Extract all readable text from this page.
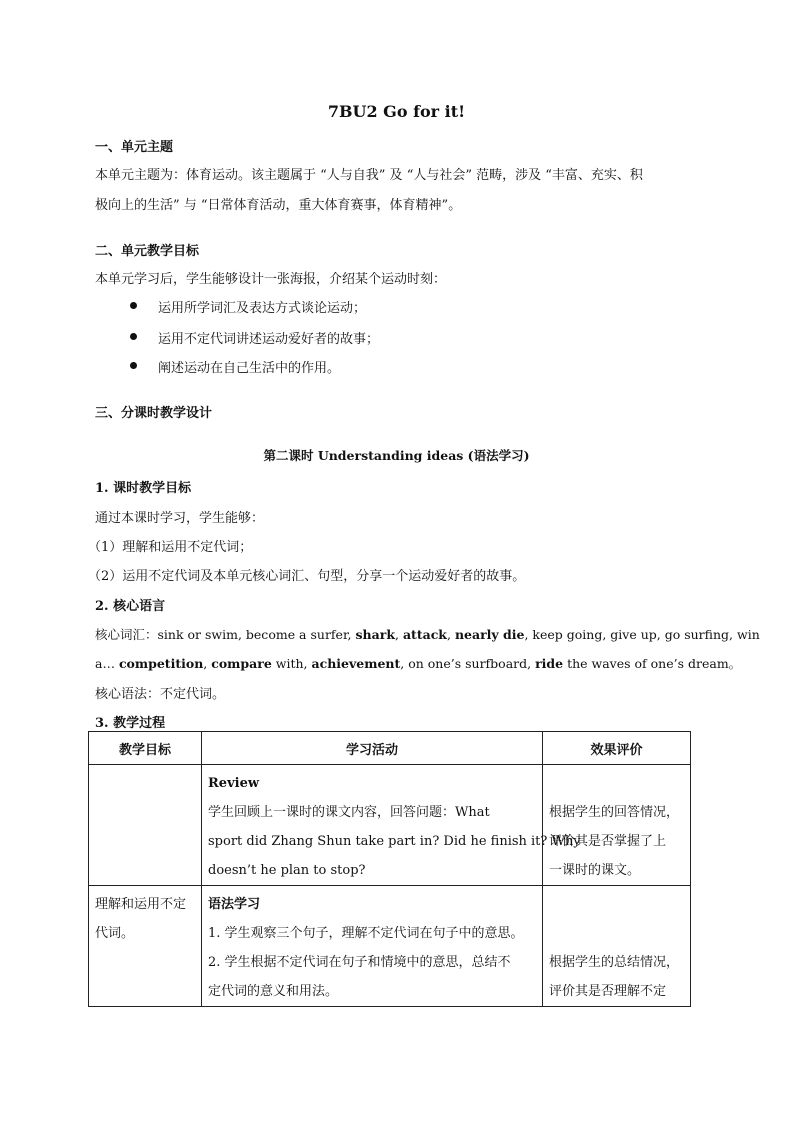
7BU2 Go for it!
一、单元主题
本单元主题为：体育运动。该主题属于 “人与自我” 及 “人与社会” 范畴，涉及 “丰富、充实、积
极向上的生活” 与 “日常体育活动，重大体育赛事，体育精神”。
二、单元教学目标
本单元学习后，学生能够设计一张海报，介绍某个运动时刻：
运用所学词汇及表达方式谈论运动；
运用不定代词讲述运动爱好者的故事；
阐述运动在自己生活中的作用。
三、分课时教学设计
第二课时 Understanding ideas (语法学习)
1. 课时教学目标
通过本课时学习，学生能够：
（1）理解和运用不定代词；
（2）运用不定代词及本单元核心词汇、句型，分享一个运动爱好者的故事。
2. 核心语言
核心词汇：sink or swim, become a surfer, shark, attack, nearly die, keep going, give up, go surfing, win
a… competition, compare with, achievement, on one’s surfboard, ride the waves of one’s dream。
核心语法：不定代词。
3. 教学过程
教学目标	学习活动	效果评价

	Review
学生回顾上一课时的课文内容，回答问题：What
sport did Zhang Shun take part in? Did he finish it? Why
doesn’t he plan to stop?	根据学生的回答情况，
评价其是否掌握了上
一课时的课文。

理解和运用不定
代词。	语法学习
1. 学生观察三个句子，理解不定代词在句子中的意思。
2. 学生根据不定代词在句子和情境中的意思，总结不
定代词的意义和用法。	根据学生的总结情况，
评价其是否理解不定
